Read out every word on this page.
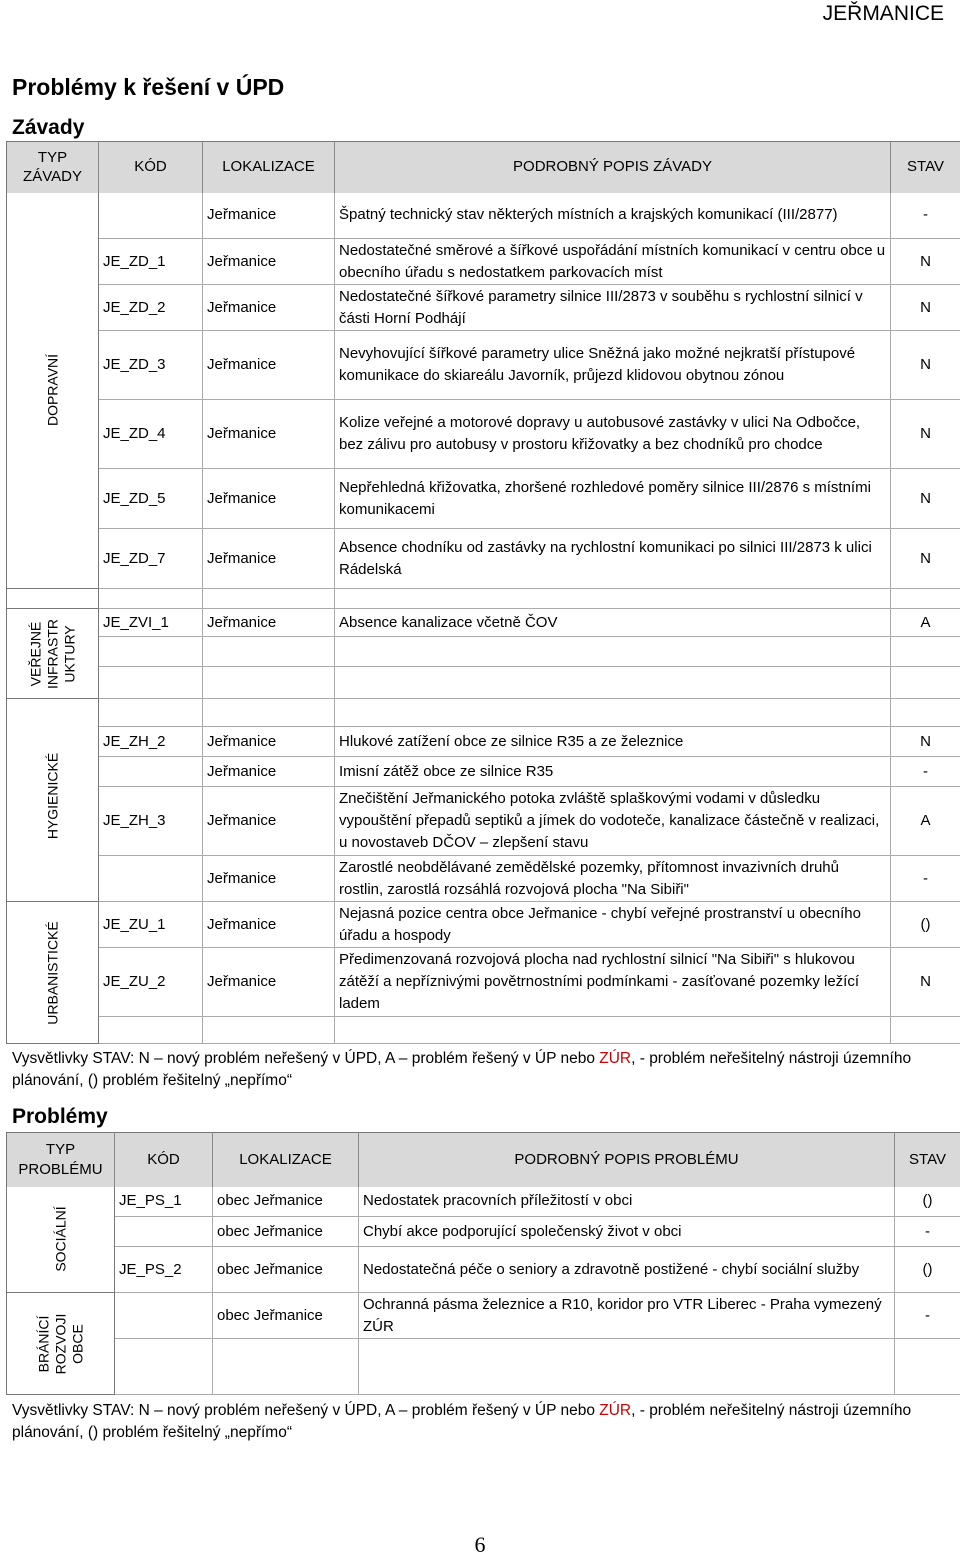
JEŘMANICE
Problémy k řešení v ÚPD
Závady
TYP ZÁVADY	KÓD	LOKALIZACE	PODROBNÝ POPIS ZÁVADY	STAV

DOPRAVNÍ		Jeřmanice	Špatný technický stav některých místních a krajských komunikací (III/2877)	-
	JE_ZD_1	Jeřmanice	Nedostatečné směrové a šířkové uspořádání místních komunikací v centru obce u obecního úřadu s nedostatkem parkovacích míst	N
	JE_ZD_2	Jeřmanice	Nedostatečné šířkové parametry silnice III/2873 v souběhu s rychlostní silnicí v části Horní Podhájí	N
	JE_ZD_3	Jeřmanice	Nevyhovující šířkové parametry ulice Sněžná jako možné nejkratší přístupové komunikace do skiareálu Javorník, průjezd klidovou obytnou zónou	N
	JE_ZD_4	Jeřmanice	Kolize veřejné a motorové dopravy u autobusové zastávky v ulici Na Odbočce, bez zálivu pro autobusy v prostoru křižovatky a bez chodníků pro chodce	N
	JE_ZD_5	Jeřmanice	Nepřehledná křižovatka, zhoršené rozhledové poměry silnice III/2876 s místními komunikacemi	N
	JE_ZD_7	Jeřmanice	Absence chodníku od zastávky na rychlostní komunikaci po silnici III/2873 k ulici Rádelská	N

VEŘEJNÉ INFRASTR UKTURY	JE_ZVI_1	Jeřmanice	Absence kanalizace včetně ČOV	A

HYGIENICKÉ	JE_ZH_2	Jeřmanice	Hlukové zatížení obce ze silnice R35 a ze železnice	N
		Jeřmanice	Imisní zátěž obce ze silnice R35	-
	JE_ZH_3	Jeřmanice	Znečištění Jeřmanického potoka zvláště splaškovými vodami v důsledku vypouštění přepadů septiků a jímek do vodoteče, kanalizace částečně v realizaci, u novostaveb DČOV – zlepšení stavu	A
		Jeřmanice	Zarostlé neobdělávané zemědělské pozemky, přítomnost invazivních druhů rostlin, zarostlá rozsáhlá rozvojová plocha "Na Sibiři"	-

URBANISTICKÉ	JE_ZU_1	Jeřmanice	Nejasná pozice centra obce Jeřmanice - chybí veřejné prostranství u obecního úřadu a hospody	()
	JE_ZU_2	Jeřmanice	Předimenzovaná rozvojová plocha nad rychlostní silnicí "Na Sibiři" s hlukovou zátěží a nepříznivými povětrnostními podmínkami - zasíťované pozemky ležící ladem	N

Vysvětlivky STAV: N – nový problém neřešený v ÚPD, A – problém řešený v ÚP nebo ZÚR, - problém neřešitelný nástroji územního plánování, () problém řešitelný „nepřímo“
Problémy
TYP PROBLÉMU	KÓD	LOKALIZACE	PODROBNÝ POPIS PROBLÉMU	STAV

SOCIÁLNÍ	JE_PS_1	obec Jeřmanice	Nedostatek pracovních příležitostí v obci	()
		obec Jeřmanice	Chybí akce podporující společenský život v obci	-
	JE_PS_2	obec Jeřmanice	Nedostatečná péče o seniory a zdravotně postižené - chybí sociální služby	()

BRÁNÍCÍ ROZVOJI OBCE		obec Jeřmanice	Ochranná pásma železnice a R10, koridor pro VTR Liberec - Praha vymezený ZÚR	-

Vysvětlivky STAV: N – nový problém neřešený v ÚPD, A – problém řešený v ÚP nebo ZÚR, - problém neřešitelný nástroji územního plánování, () problém řešitelný „nepřímo“
6
